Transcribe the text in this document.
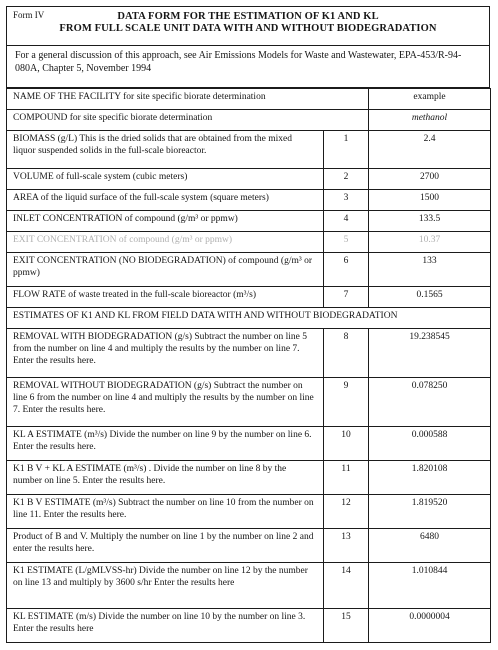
Form IV	DATA FORM FOR THE ESTIMATION OF K1 AND KL
FROM FULL SCALE UNIT DATA WITH AND WITHOUT BIODEGRADATION
For a general discussion of this approach, see Air Emissions Models for Waste and Wastewater, EPA-453/R-94-080A, Chapter 5, November 1994
NAME OF THE FACILITY for site specific biorate determination		example
COMPOUND for site specific biorate determination		methanol
BIOMASS (g/L) This is the dried solids that are obtained from the mixed liquor suspended solids in the full-scale bioreactor.	1	2.4
VOLUME of full-scale system (cubic meters)	2	2700
AREA of the liquid surface of the full-scale system (square meters)	3	1500
INLET CONCENTRATION of compound (g/m³ or ppmw)	4	133.5
EXIT CONCENTRATION of compound (g/m³ or ppmw)	5	10.37
EXIT CONCENTRATION (NO BIODEGRADATION) of compound (g/m³ or ppmw)	6	133
FLOW RATE of waste treated in the full-scale bioreactor (m³/s)	7	0.1565
ESTIMATES OF K1 AND KL FROM FIELD DATA WITH AND WITHOUT BIODEGRADATION		
REMOVAL WITH BIODEGRADATION (g/s) Subtract the number on line 5 from the number on line 4 and multiply the results by the number on line 7. Enter the results here.	8	19.238545
REMOVAL WITHOUT BIODEGRADATION (g/s) Subtract the number on line 6 from the number on line 4 and multiply the results by the number on line 7. Enter the results here.	9	0.078250
KL A ESTIMATE (m³/s) Divide the number on line 9 by the number on line 6. Enter the results here.	10	0.000588
K1 B V + KL A ESTIMATE (m³/s) . Divide the number on line 8 by the number on line 5. Enter the results here.	11	1.820108
K1 B V ESTIMATE (m³/s) Subtract the number on line 10 from the number on line 11. Enter the results here.	12	1.819520
Product of B and V. Multiply the number on line 1 by the number on line 2 and enter the results here.	13	6480
K1 ESTIMATE (L/gMLVSS-hr) Divide the number on line 12 by the number on line 13 and multiply by 3600 s/hr Enter the results here	14	1.010844
KL ESTIMATE (m/s) Divide the number on line 10 by the number on line 3. Enter the results here	15	0.0000004
